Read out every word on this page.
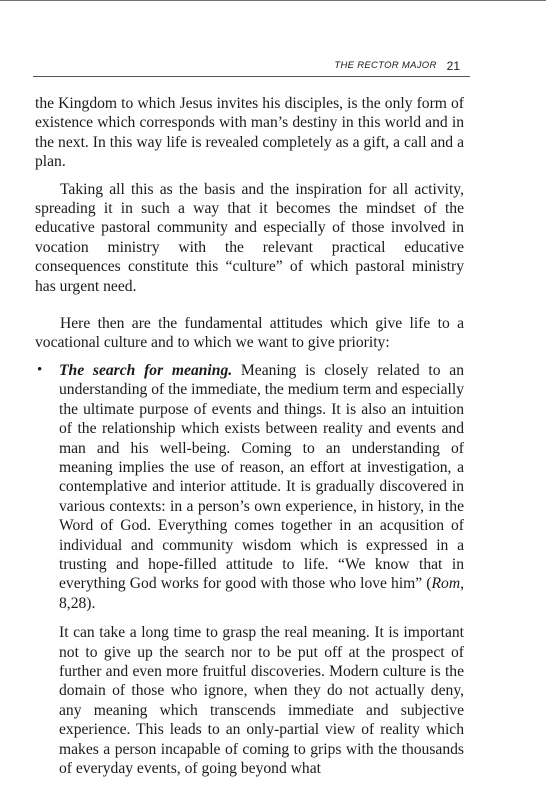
THE RECTOR MAJOR 21

the Kingdom to which Jesus invites his disciples, is the only form of existence which corresponds with man’s destiny in this world and in the next. In this way life is revealed completely as a gift, a call and a plan.

Taking all this as the basis and the inspiration for all activity, spreading it in such a way that it becomes the mindset of the educative pastoral community and especially of those involved in vocation ministry with the relevant practical educative consequences constitute this “culture” of which pastoral ministry has urgent need.

Here then are the fundamental attitudes which give life to a vocational culture and to which we want to give priority:

• The search for meaning. Meaning is closely related to an understanding of the immediate, the medium term and especially the ultimate purpose of events and things. It is also an intuition of the relationship which exists between reality and events and man and his well-being. Coming to an understanding of meaning implies the use of reason, an effort at investigation, a contemplative and interior attitude. It is gradually discovered in various contexts: in a person’s own experience, in history, in the Word of God. Everything comes together in an acqusition of individual and community wisdom which is expressed in a trusting and hope-filled attitude to life. “We know that in everything God works for good with those who love him” (Rom, 8,28).

It can take a long time to grasp the real meaning. It is important not to give up the search nor to be put off at the prospect of further and even more fruitful discoveries. Modern culture is the domain of those who ignore, when they do not actually deny, any meaning which transcends immediate and subjective experience. This leads to an only-partial view of reality which makes a person incapable of coming to grips with the thousands of everyday events, of going beyond what
